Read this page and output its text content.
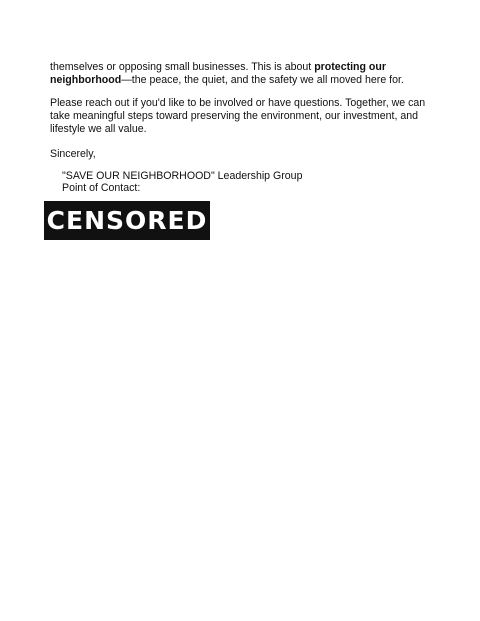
themselves or opposing small businesses. This is about protecting our neighborhood—the peace, the quiet, and the safety we all moved here for.

Please reach out if you'd like to be involved or have questions. Together, we can take meaningful steps toward preserving the environment, our investment, and lifestyle we all value.

Sincerely,

"SAVE OUR NEIGHBORHOOD" Leadership Group

Point of Contact:

CENSORED
